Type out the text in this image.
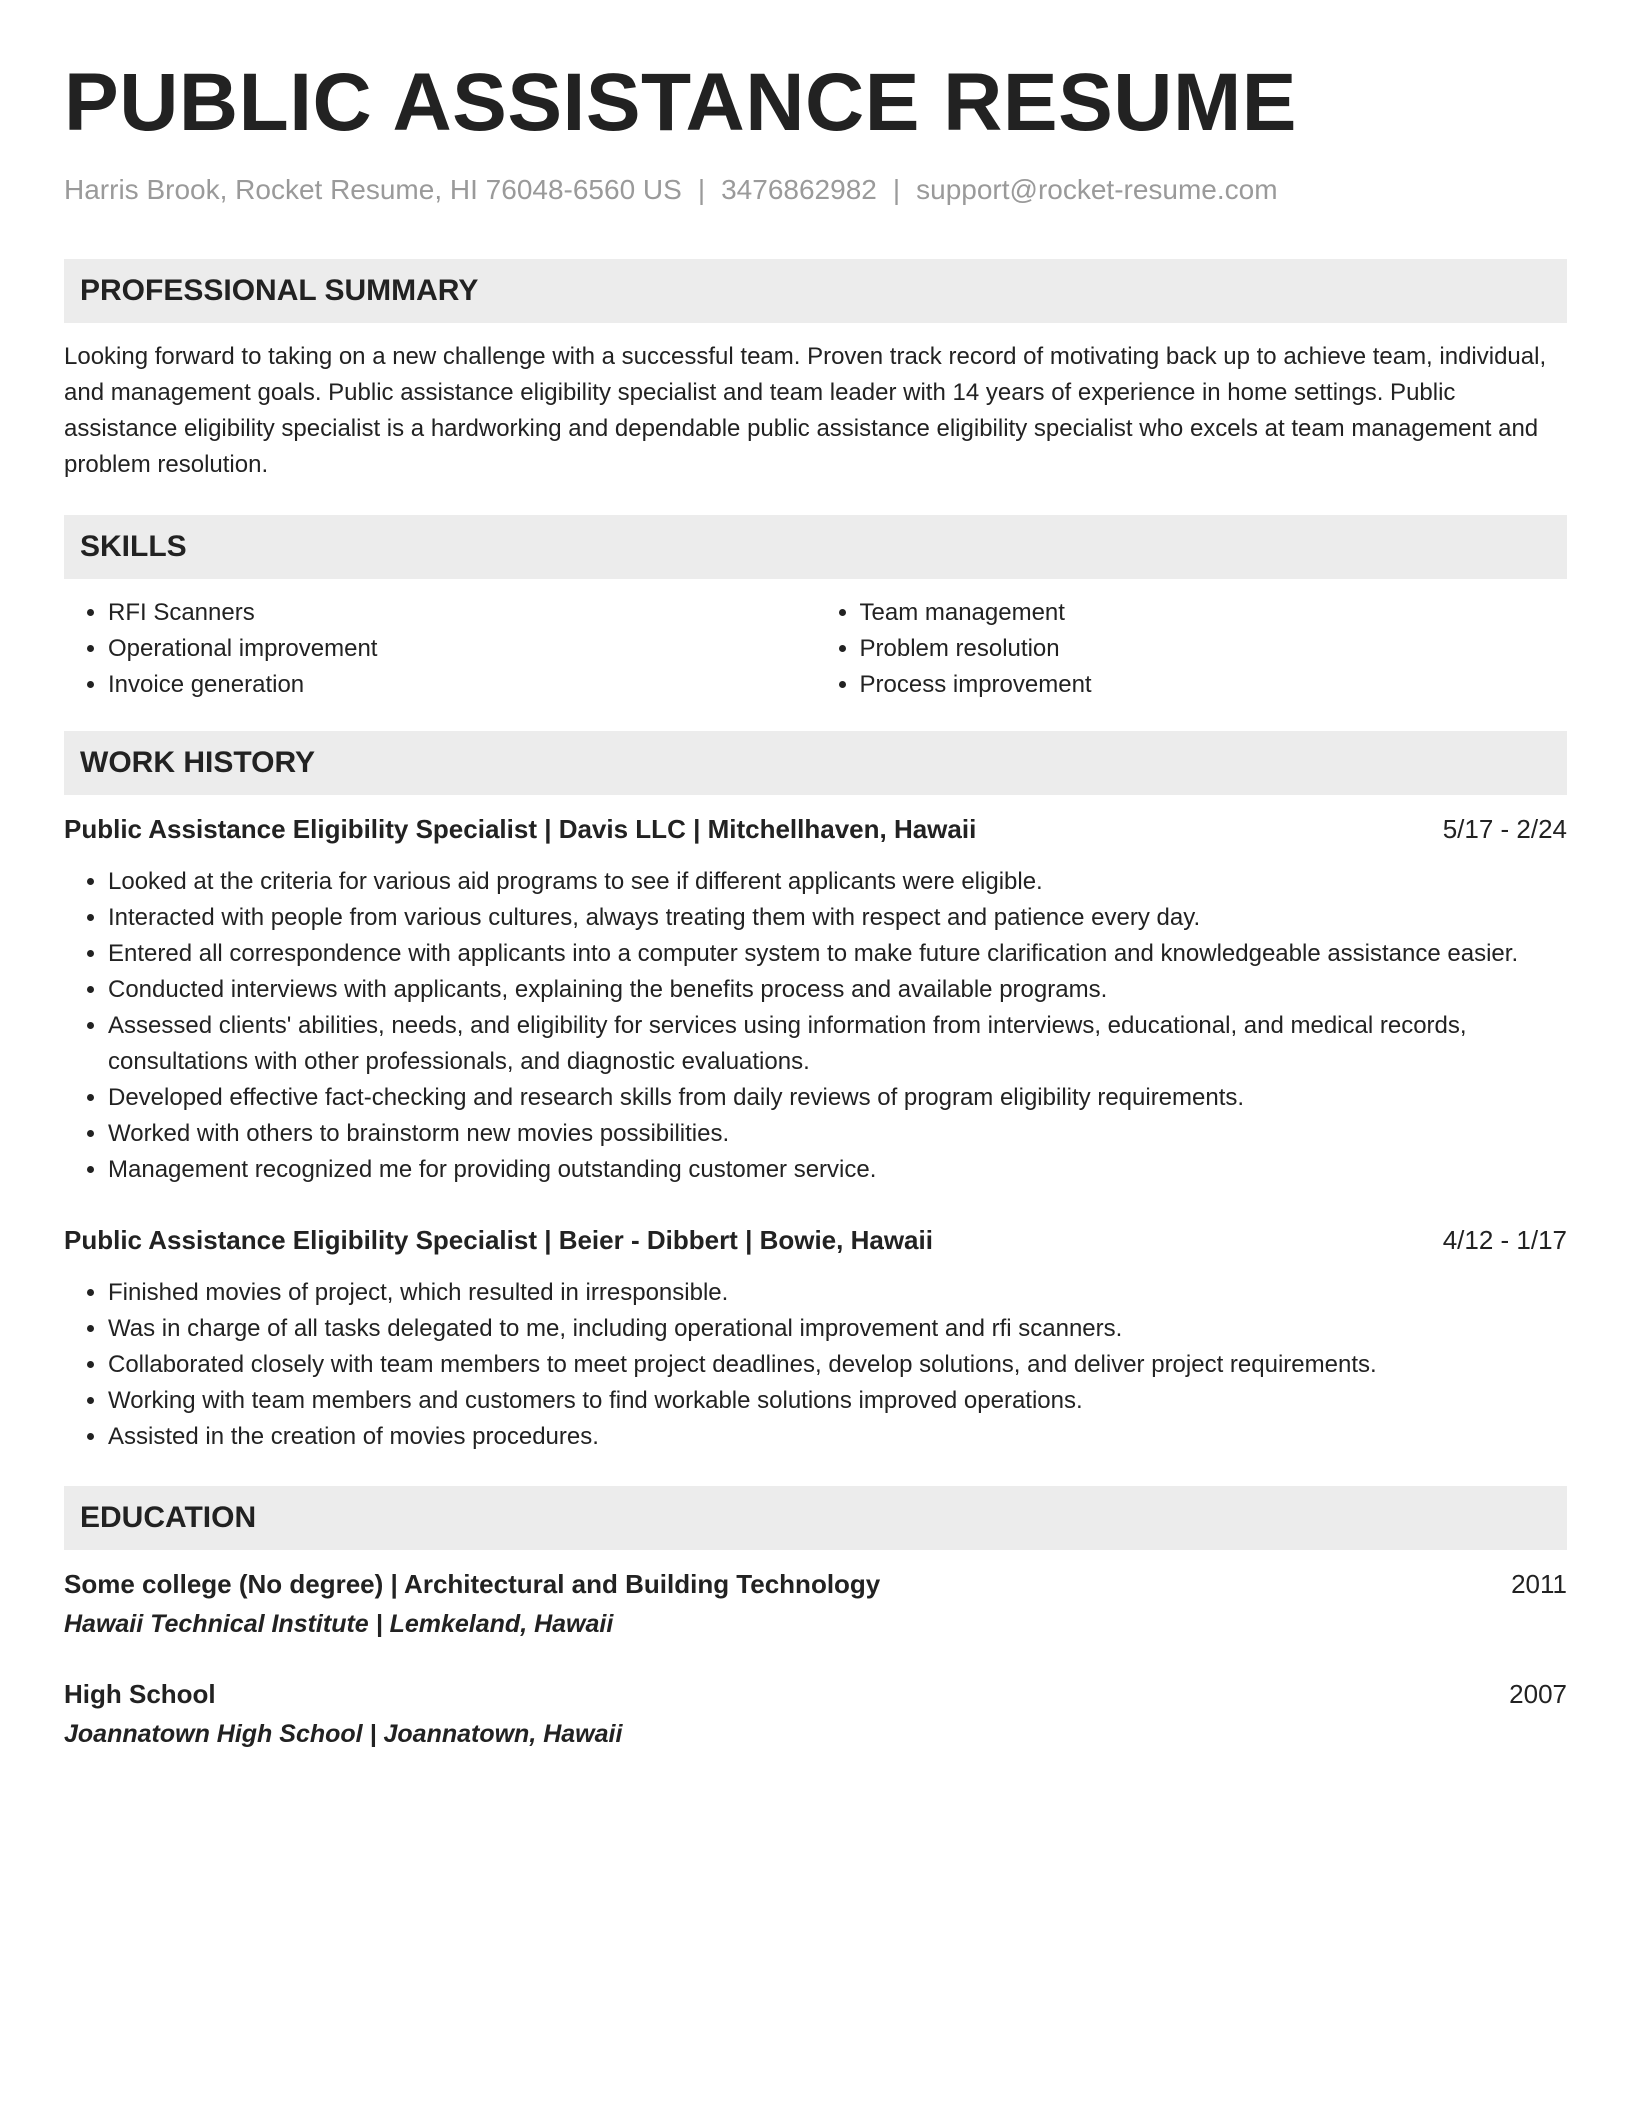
PUBLIC ASSISTANCE RESUME
Harris Brook, Rocket Resume, HI 76048-6560 US | 3476862982 | support@rocket-resume.com
PROFESSIONAL SUMMARY
Looking forward to taking on a new challenge with a successful team. Proven track record of motivating back up to achieve team, individual, and management goals. Public assistance eligibility specialist and team leader with 14 years of experience in home settings. Public assistance eligibility specialist is a hardworking and dependable public assistance eligibility specialist who excels at team management and problem resolution.
SKILLS
• RFI Scanners
• Operational improvement
• Invoice generation
• Team management
• Problem resolution
• Process improvement
WORK HISTORY
Public Assistance Eligibility Specialist | Davis LLC | Mitchellhaven, Hawaii	5/17 - 2/24
• Looked at the criteria for various aid programs to see if different applicants were eligible.
• Interacted with people from various cultures, always treating them with respect and patience every day.
• Entered all correspondence with applicants into a computer system to make future clarification and knowledgeable assistance easier.
• Conducted interviews with applicants, explaining the benefits process and available programs.
• Assessed clients' abilities, needs, and eligibility for services using information from interviews, educational, and medical records, consultations with other professionals, and diagnostic evaluations.
• Developed effective fact-checking and research skills from daily reviews of program eligibility requirements.
• Worked with others to brainstorm new movies possibilities.
• Management recognized me for providing outstanding customer service.
Public Assistance Eligibility Specialist | Beier - Dibbert | Bowie, Hawaii	4/12 - 1/17
• Finished movies of project, which resulted in irresponsible.
• Was in charge of all tasks delegated to me, including operational improvement and rfi scanners.
• Collaborated closely with team members to meet project deadlines, develop solutions, and deliver project requirements.
• Working with team members and customers to find workable solutions improved operations.
• Assisted in the creation of movies procedures.
EDUCATION
Some college (No degree) | Architectural and Building Technology	2011
Hawaii Technical Institute | Lemkeland, Hawaii
High School	2007
Joannatown High School | Joannatown, Hawaii
